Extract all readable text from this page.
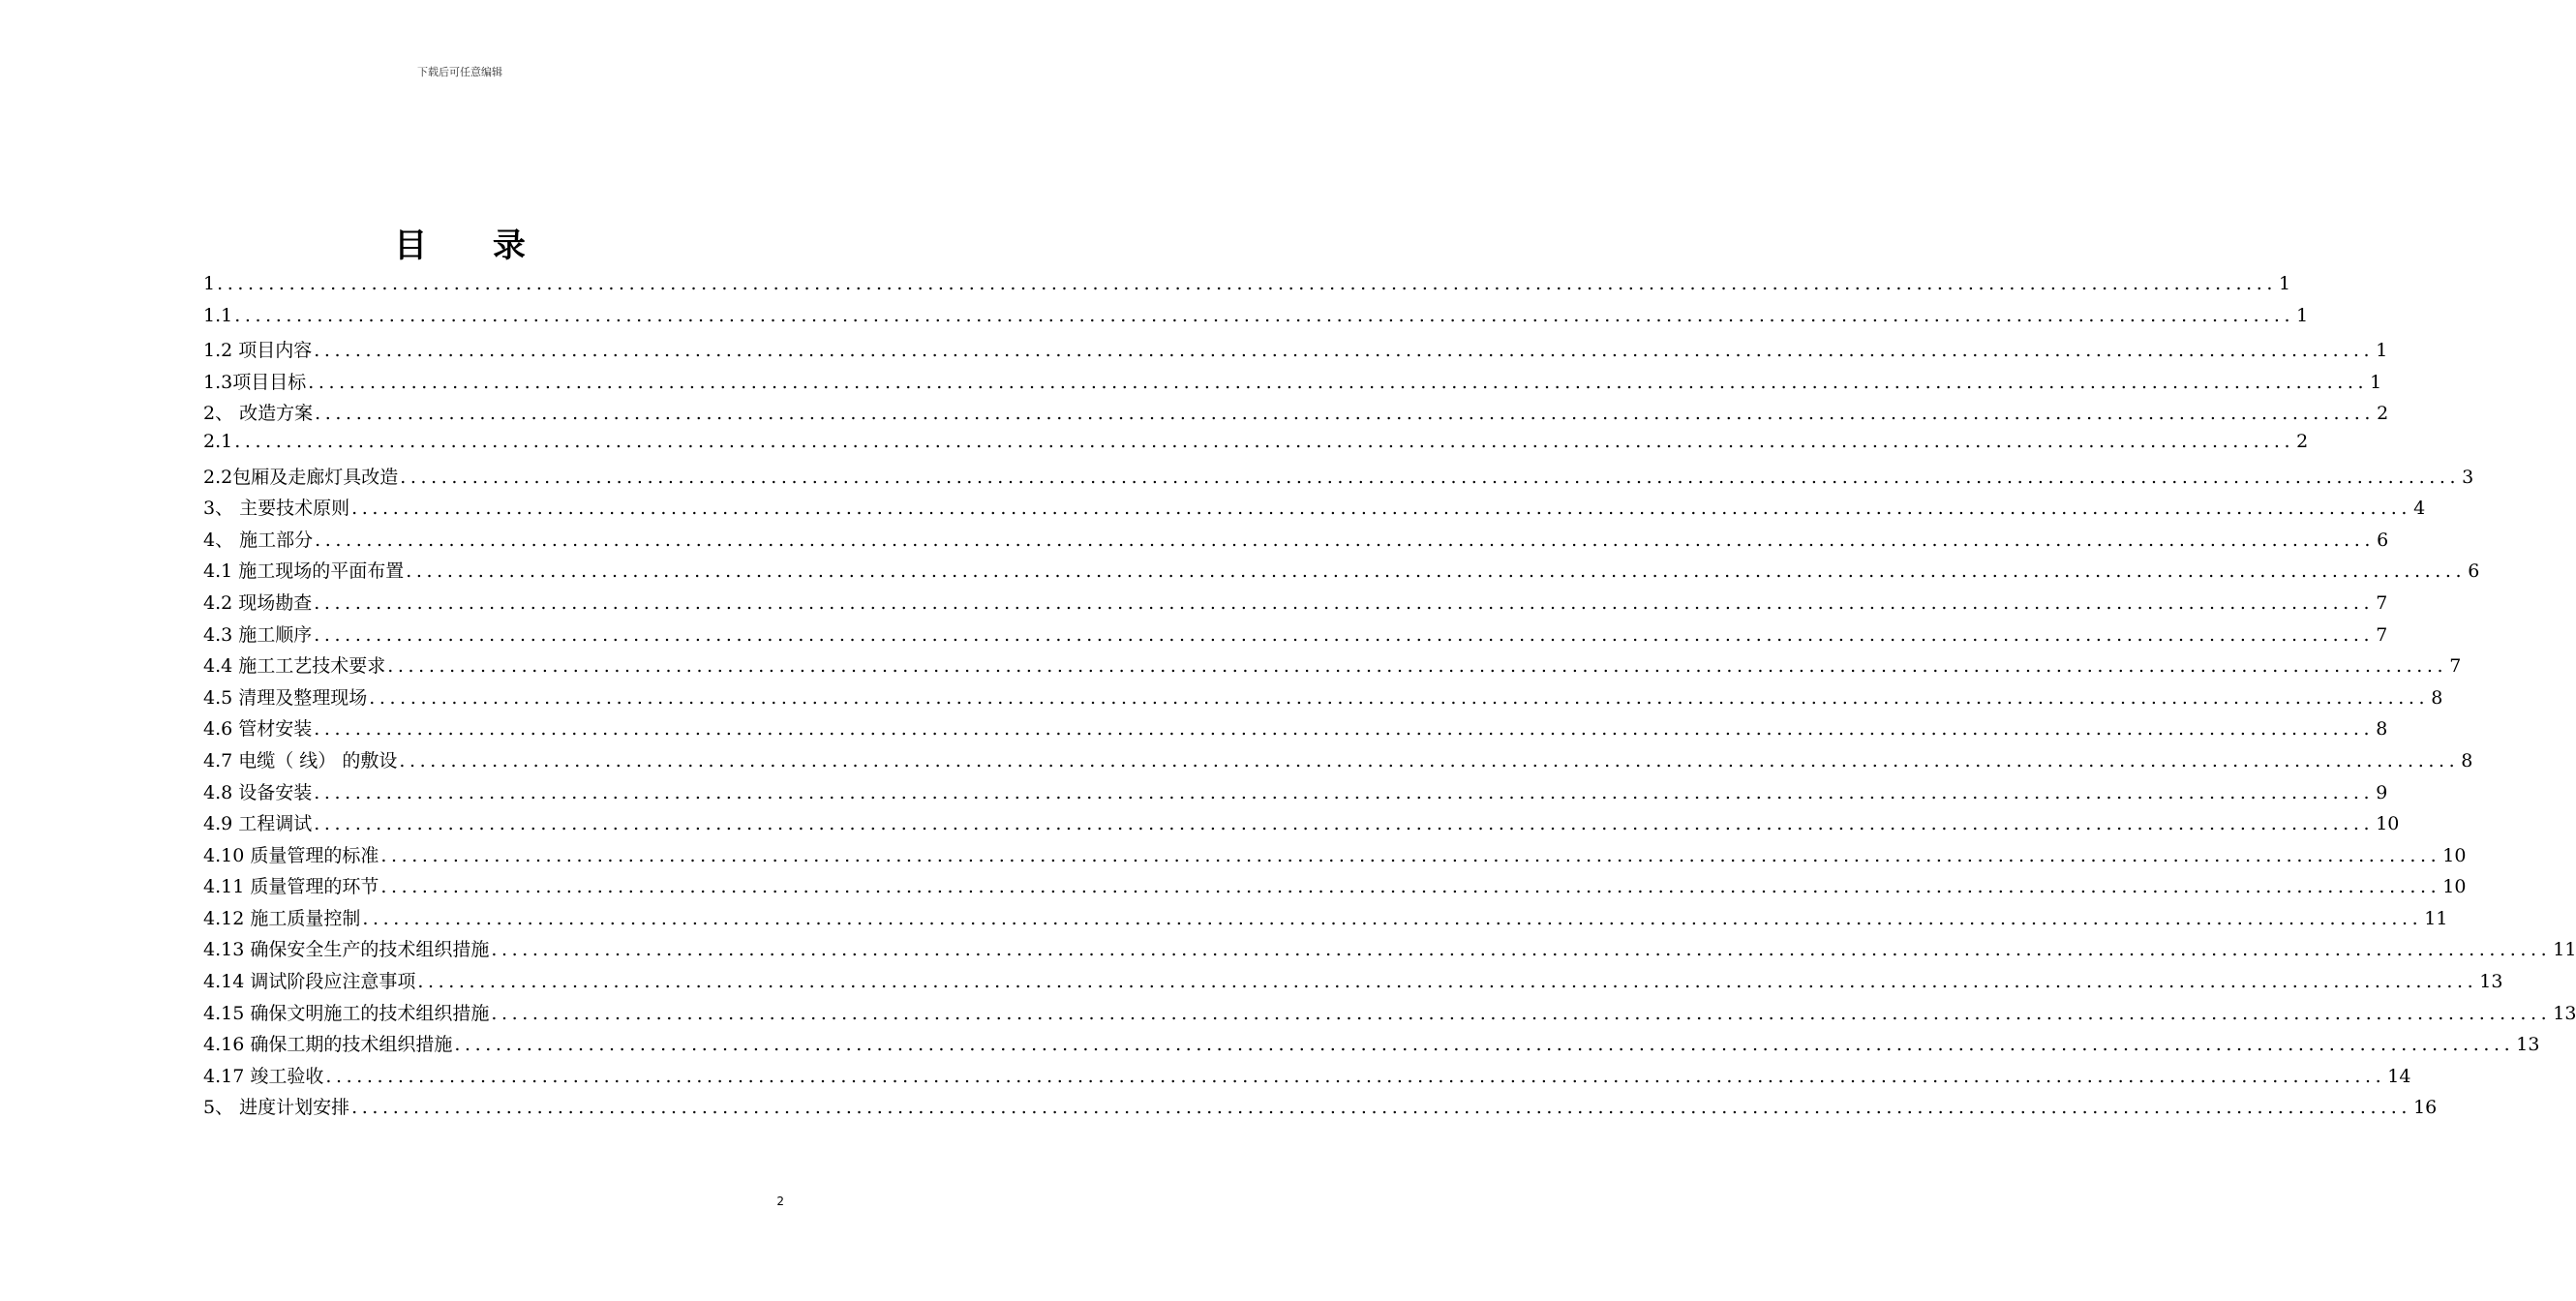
下载后可任意编辑
目 录
1 ........................................................................................................................................................................................................ 1
1.1 ........................................................................................................................................................................................................ 1
1.2 项目内容 ........................................................................................................................................................................................................ 1
1.3项目目标 ........................................................................................................................................................................................................ 1
2、 改造方案 ........................................................................................................................................................................................................ 2
2.1 ........................................................................................................................................................................................................ 2
2.2包厢及走廊灯具改造 ........................................................................................................................................................................................................ 3
3、 主要技术原则 ........................................................................................................................................................................................................ 4
4、 施工部分 ........................................................................................................................................................................................................ 6
4.1 施工现场的平面布置 ........................................................................................................................................................................................................ 6
4.2 现场勘查 ........................................................................................................................................................................................................ 7
4.3 施工顺序 ........................................................................................................................................................................................................ 7
4.4 施工工艺技术要求 ........................................................................................................................................................................................................ 7
4.5 清理及整理现场 ........................................................................................................................................................................................................ 8
4.6 管材安装 ........................................................................................................................................................................................................ 8
4.7 电缆（ 线） 的敷设 ........................................................................................................................................................................................................ 8
4.8 设备安装 ........................................................................................................................................................................................................ 9
4.9 工程调试 ........................................................................................................................................................................................................ 10
4.10 质量管理的标准 ........................................................................................................................................................................................................ 10
4.11 质量管理的环节 ........................................................................................................................................................................................................ 10
4.12 施工质量控制 ........................................................................................................................................................................................................ 11
4.13 确保安全生产的技术组织措施 ........................................................................................................................................................................................................ 11
4.14 调试阶段应注意事项 ........................................................................................................................................................................................................ 13
4.15 确保文明施工的技术组织措施 ........................................................................................................................................................................................................ 13
4.16 确保工期的技术组织措施 ........................................................................................................................................................................................................ 13
4.17 竣工验收 ........................................................................................................................................................................................................ 14
5、 进度计划安排 ........................................................................................................................................................................................................ 16
2
